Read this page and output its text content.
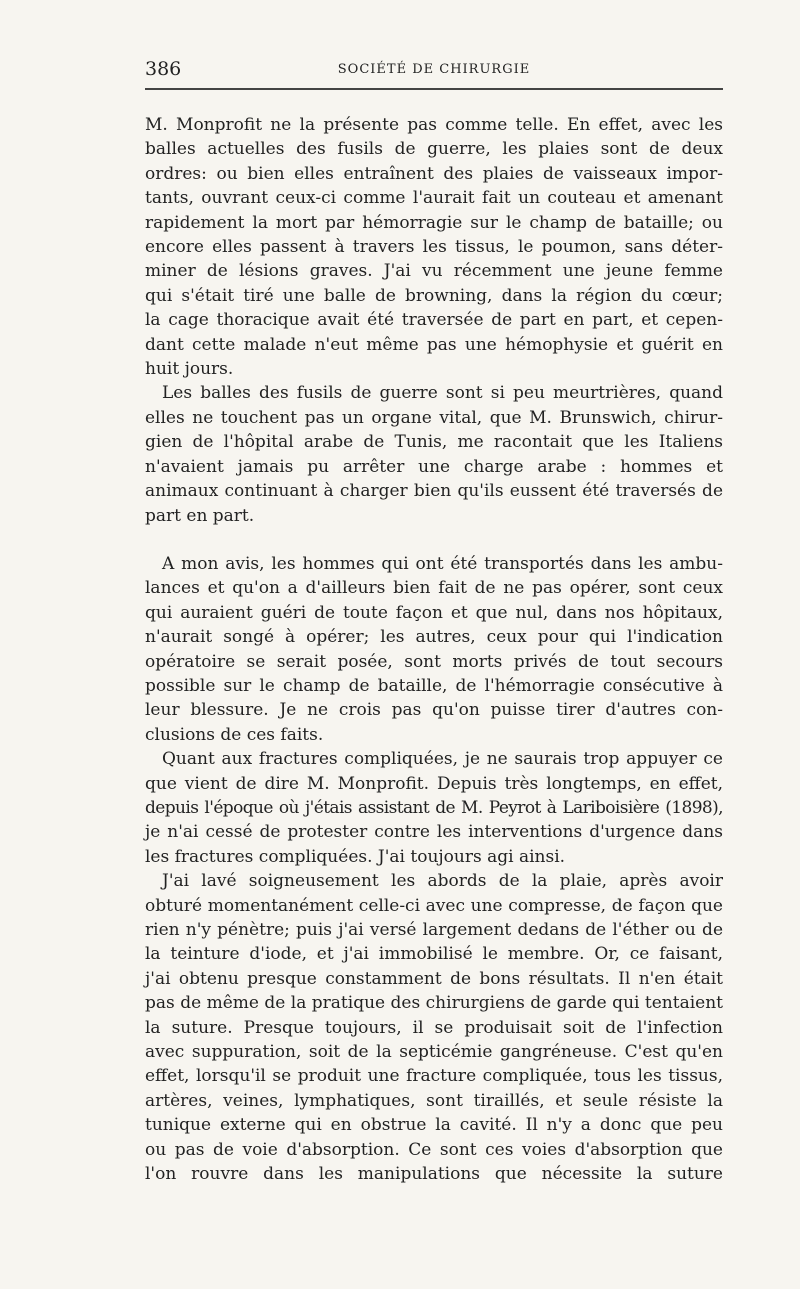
386	SOCIÉTÉ DE CHIRURGIE

M. Monprofit ne la présente pas comme telle. En effet, avec les
balles actuelles des fusils de guerre, les plaies sont de deux
ordres: ou bien elles entraînent des plaies de vaisseaux impor-
tants, ouvrant ceux-ci comme l'aurait fait un couteau et amenant
rapidement la mort par hémorragie sur le champ de bataille; ou
encore elles passent à travers les tissus, le poumon, sans déter-
miner de lésions graves. J'ai vu récemment une jeune femme
qui s'était tiré une balle de browning, dans la région du cœur;
la cage thoracique avait été traversée de part en part, et cepen-
dant cette malade n'eut même pas une hémophysie et guérit en
huit jours.

Les balles des fusils de guerre sont si peu meurtrières, quand
elles ne touchent pas un organe vital, que M. Brunswich, chirur-
gien de l'hôpital arabe de Tunis, me racontait que les Italiens
n'avaient jamais pu arrêter une charge arabe : hommes et
animaux continuant à charger bien qu'ils eussent été traversés de
part en part.

A mon avis, les hommes qui ont été transportés dans les ambu-
lances et qu'on a d'ailleurs bien fait de ne pas opérer, sont ceux
qui auraient guéri de toute façon et que nul, dans nos hôpitaux,
n'aurait songé à opérer; les autres, ceux pour qui l'indication
opératoire se serait posée, sont morts privés de tout secours
possible sur le champ de bataille, de l'hémorragie consécutive à
leur blessure. Je ne crois pas qu'on puisse tirer d'autres con-
clusions de ces faits.

Quant aux fractures compliquées, je ne saurais trop appuyer ce
que vient de dire M. Monprofit. Depuis très longtemps, en effet,
depuis l'époque où j'étais assistant de M. Peyrot à Lariboisière (1898),
je n'ai cessé de protester contre les interventions d'urgence dans
les fractures compliquées. J'ai toujours agi ainsi.

J'ai lavé soigneusement les abords de la plaie, après avoir
obturé momentanément celle-ci avec une compresse, de façon que
rien n'y pénètre; puis j'ai versé largement dedans de l'éther ou de
la teinture d'iode, et j'ai immobilisé le membre. Or, ce faisant,
j'ai obtenu presque constamment de bons résultats. Il n'en était
pas de même de la pratique des chirurgiens de garde qui tentaient
la suture. Presque toujours, il se produisait soit de l'infection
avec suppuration, soit de la septicémie gangréneuse. C'est qu'en
effet, lorsqu'il se produit une fracture compliquée, tous les tissus,
artères, veines, lymphatiques, sont tiraillés, et seule résiste la
tunique externe qui en obstrue la cavité. Il n'y a donc que peu
ou pas de voie d'absorption. Ce sont ces voies d'absorption que
l'on rouvre dans les manipulations que nécessite la suture
